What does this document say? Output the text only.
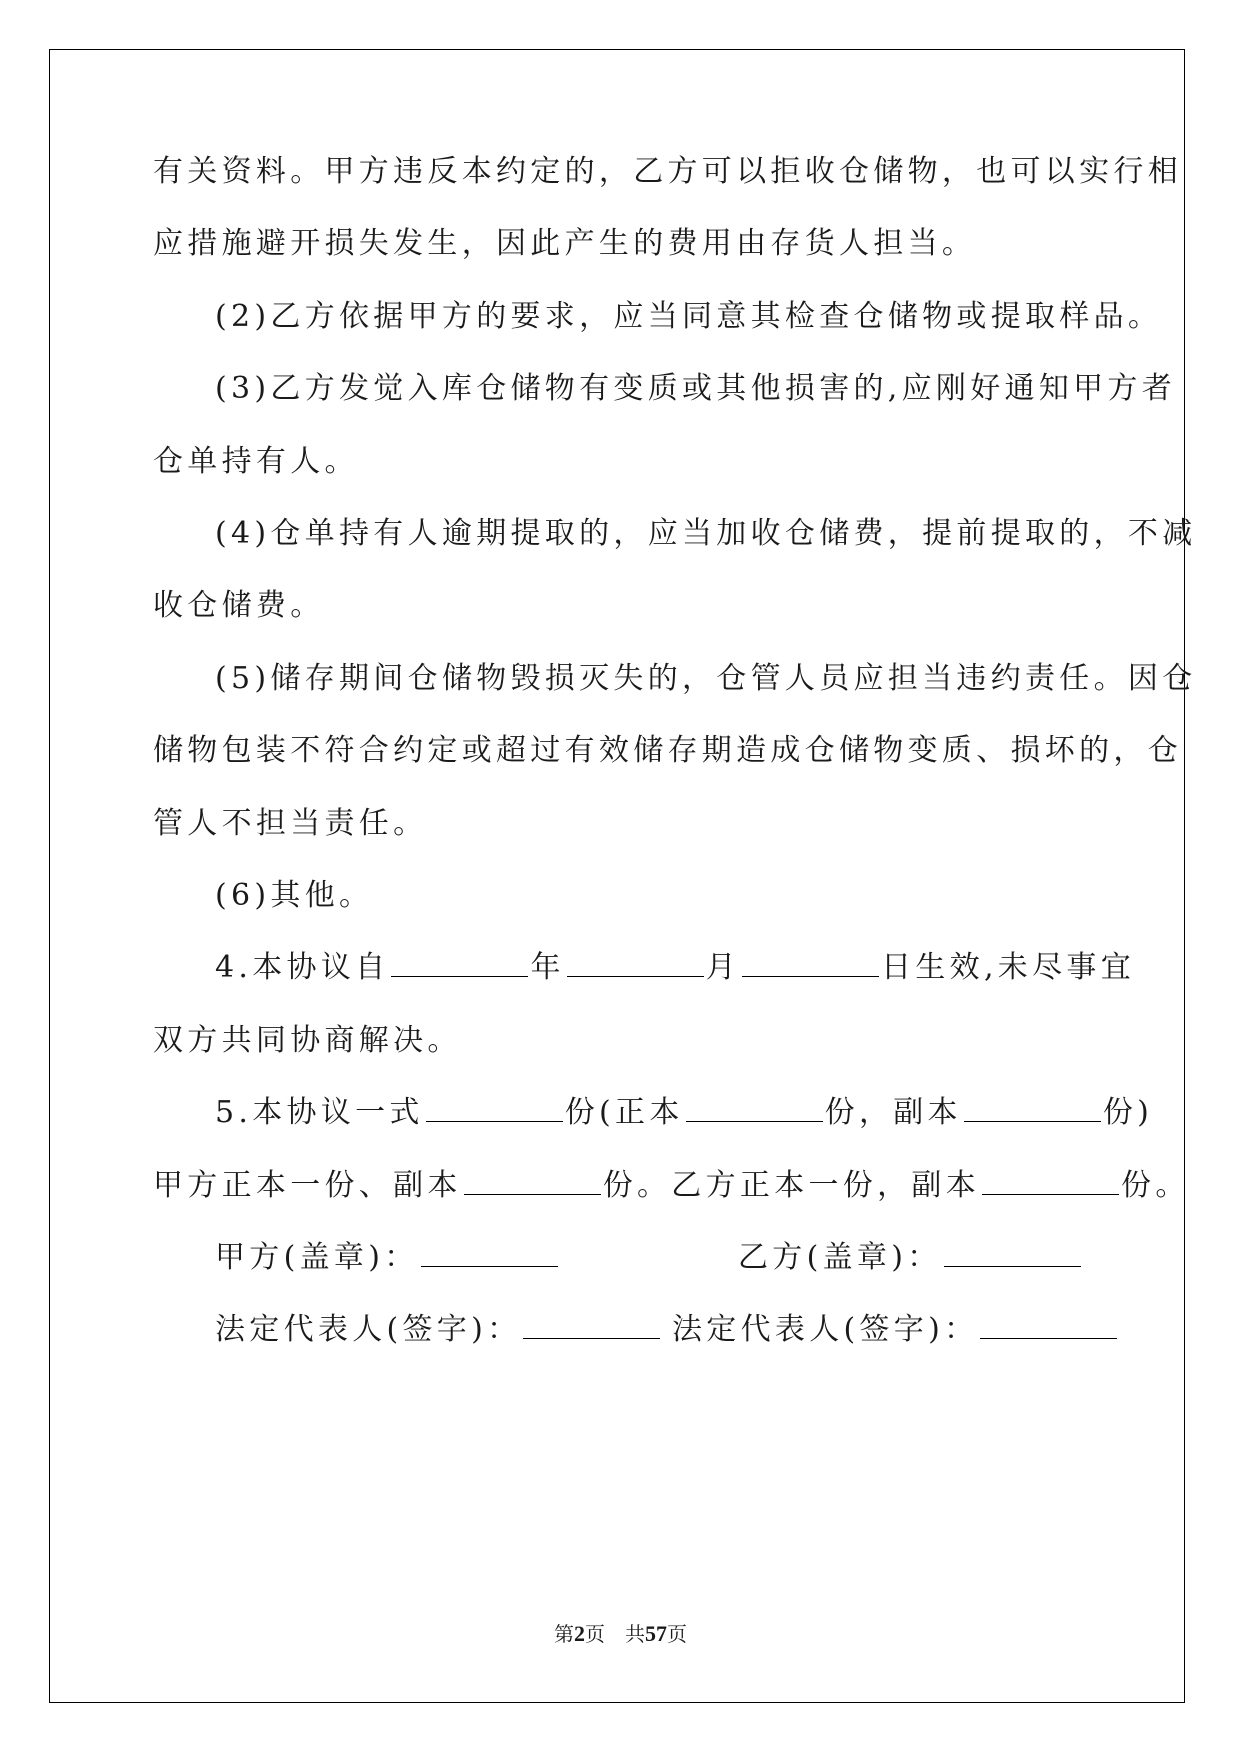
有关资料。甲方违反本约定的，乙方可以拒收仓储物，也可以实行相
应措施避开损失发生，因此产生的费用由存货人担当。
(2)乙方依据甲方的要求，应当同意其检查仓储物或提取样品。
(3)乙方发觉入库仓储物有变质或其他损害的,应刚好通知甲方者
仓单持有人。
(4)仓单持有人逾期提取的，应当加收仓储费，提前提取的，不减
收仓储费。
(5)储存期间仓储物毁损灭失的，仓管人员应担当违约责任。因仓
储物包装不符合约定或超过有效储存期造成仓储物变质、损坏的，仓
管人不担当责任。
(6)其他。
4.本协议自	年	月	日生效,未尽事宜
双方共同协商解决。
5.本协议一式	份(正本	份，副本	份)
甲方正本一份、副本	份。乙方正本一份，副本	份。
甲方(盖章)：	乙方(盖章)：
法定代表人(签字)：	法定代表人(签字)：
第2页　共57页
